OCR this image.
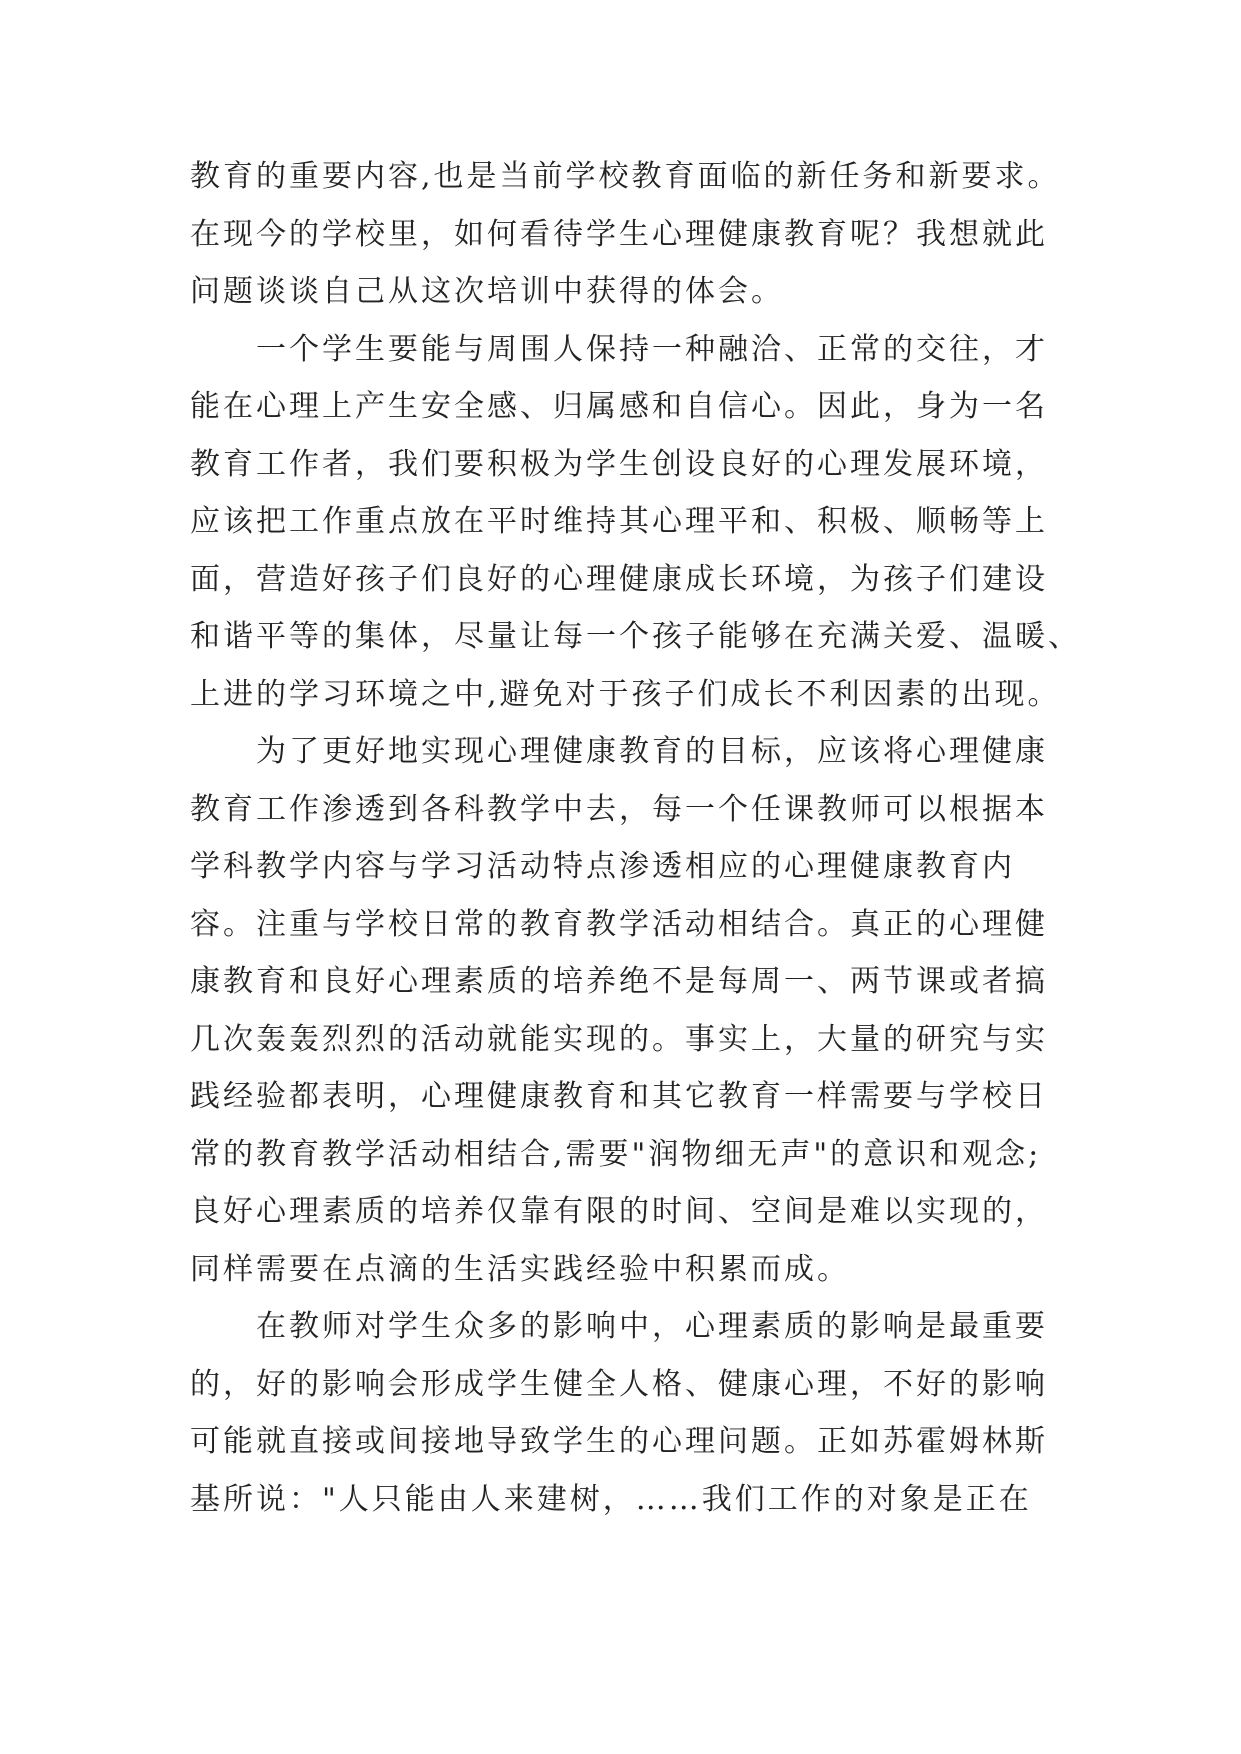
教育的重要内容,也是当前学校教育面临的新任务和新要求。
在现今的学校里，如何看待学生心理健康教育呢？我想就此
问题谈谈自己从这次培训中获得的体会。
一个学生要能与周围人保持一种融洽、正常的交往，才
能在心理上产生安全感、归属感和自信心。因此，身为一名
教育工作者，我们要积极为学生创设良好的心理发展环境，
应该把工作重点放在平时维持其心理平和、积极、顺畅等上
面，营造好孩子们良好的心理健康成长环境，为孩子们建设
和谐平等的集体，尽量让每一个孩子能够在充满关爱、温暖、
上进的学习环境之中,避免对于孩子们成长不利因素的出现。
为了更好地实现心理健康教育的目标，应该将心理健康
教育工作渗透到各科教学中去，每一个任课教师可以根据本
学科教学内容与学习活动特点渗透相应的心理健康教育内
容。注重与学校日常的教育教学活动相结合。真正的心理健
康教育和良好心理素质的培养绝不是每周一、两节课或者搞
几次轰轰烈烈的活动就能实现的。事实上，大量的研究与实
践经验都表明，心理健康教育和其它教育一样需要与学校日
常的教育教学活动相结合,需要"润物细无声"的意识和观念;
良好心理素质的培养仅靠有限的时间、空间是难以实现的，
同样需要在点滴的生活实践经验中积累而成。
在教师对学生众多的影响中，心理素质的影响是最重要
的，好的影响会形成学生健全人格、健康心理，不好的影响
可能就直接或间接地导致学生的心理问题。正如苏霍姆林斯
基所说："人只能由人来建树，……我们工作的对象是正在
